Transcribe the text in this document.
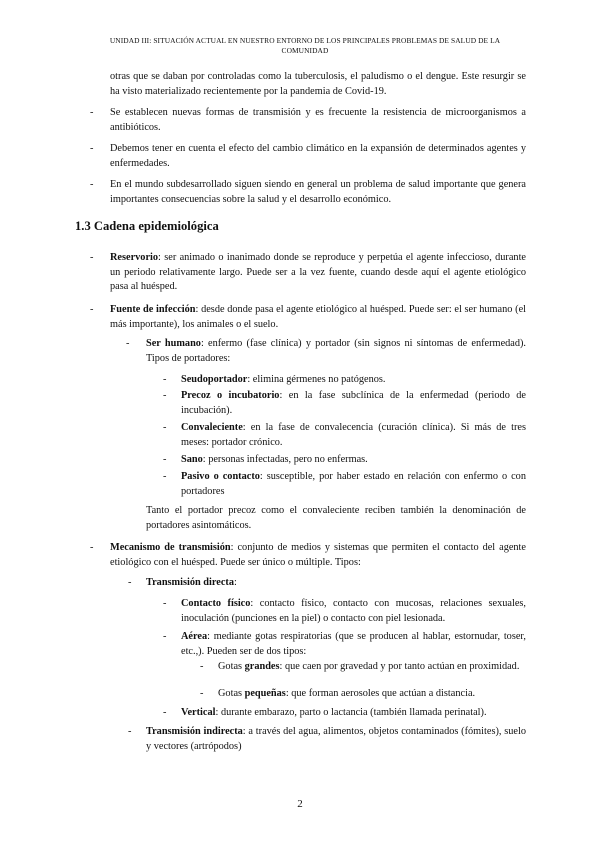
UNIDAD III: SITUACIÓN ACTUAL EN NUESTRO ENTORNO DE LOS PRINCIPALES PROBLEMAS DE SALUD DE LA
COMUNIDAD
otras que se daban por controladas como la tuberculosis, el paludismo o el dengue. Este resurgir se ha visto materializado recientemente por la pandemia de Covid-19.
- Se establecen nuevas formas de transmisión y es frecuente la resistencia de microorganismos a antibióticos.
- Debemos tener en cuenta el efecto del cambio climático en la expansión de determinados agentes y enfermedades.
- En el mundo subdesarrollado siguen siendo en general un problema de salud importante que genera importantes consecuencias sobre la salud y el desarrollo económico.
1.3 Cadena epidemiológica
- Reservorio: ser animado o inanimado donde se reproduce y perpetúa el agente infeccioso, durante un periodo relativamente largo. Puede ser a la vez fuente, cuando desde aquí el agente etiológico pasa al huésped.
- Fuente de infección: desde donde pasa el agente etiológico al huésped. Puede ser: el ser humano (el más importante), los animales o el suelo.
- Ser humano: enfermo (fase clínica) y portador (sin signos ni síntomas de enfermedad). Tipos de portadores:
- Seudoportador: elimina gérmenes no patógenos.
- Precoz o incubatorio: en la fase subclínica de la enfermedad (periodo de incubación).
- Convaleciente: en la fase de convalecencia (curación clínica). Si más de tres meses: portador crónico.
- Sano: personas infectadas, pero no enfermas.
- Pasivo o contacto: susceptible, por haber estado en relación con enfermo o con portadores
Tanto el portador precoz como el convaleciente reciben también la denominación de portadores asintomáticos.
- Mecanismo de transmisión: conjunto de medios y sistemas que permiten el contacto del agente etiológico con el huésped. Puede ser único o múltiple. Tipos:
- Transmisión directa:
- Contacto físico: contacto físico, contacto con mucosas, relaciones sexuales, inoculación (punciones en la piel) o contacto con piel lesionada.
- Aérea: mediante gotas respiratorias (que se producen al hablar, estornudar, toser, etc.,). Pueden ser de dos tipos:
- Gotas grandes: que caen por gravedad y por tanto actúan en proximidad.
- Gotas pequeñas: que forman aerosoles que actúan a distancia.
- Vertical: durante embarazo, parto o lactancia (también llamada perinatal).
- Transmisión indirecta: a través del agua, alimentos, objetos contaminados (fómites), suelo y vectores (artrópodos)
2
